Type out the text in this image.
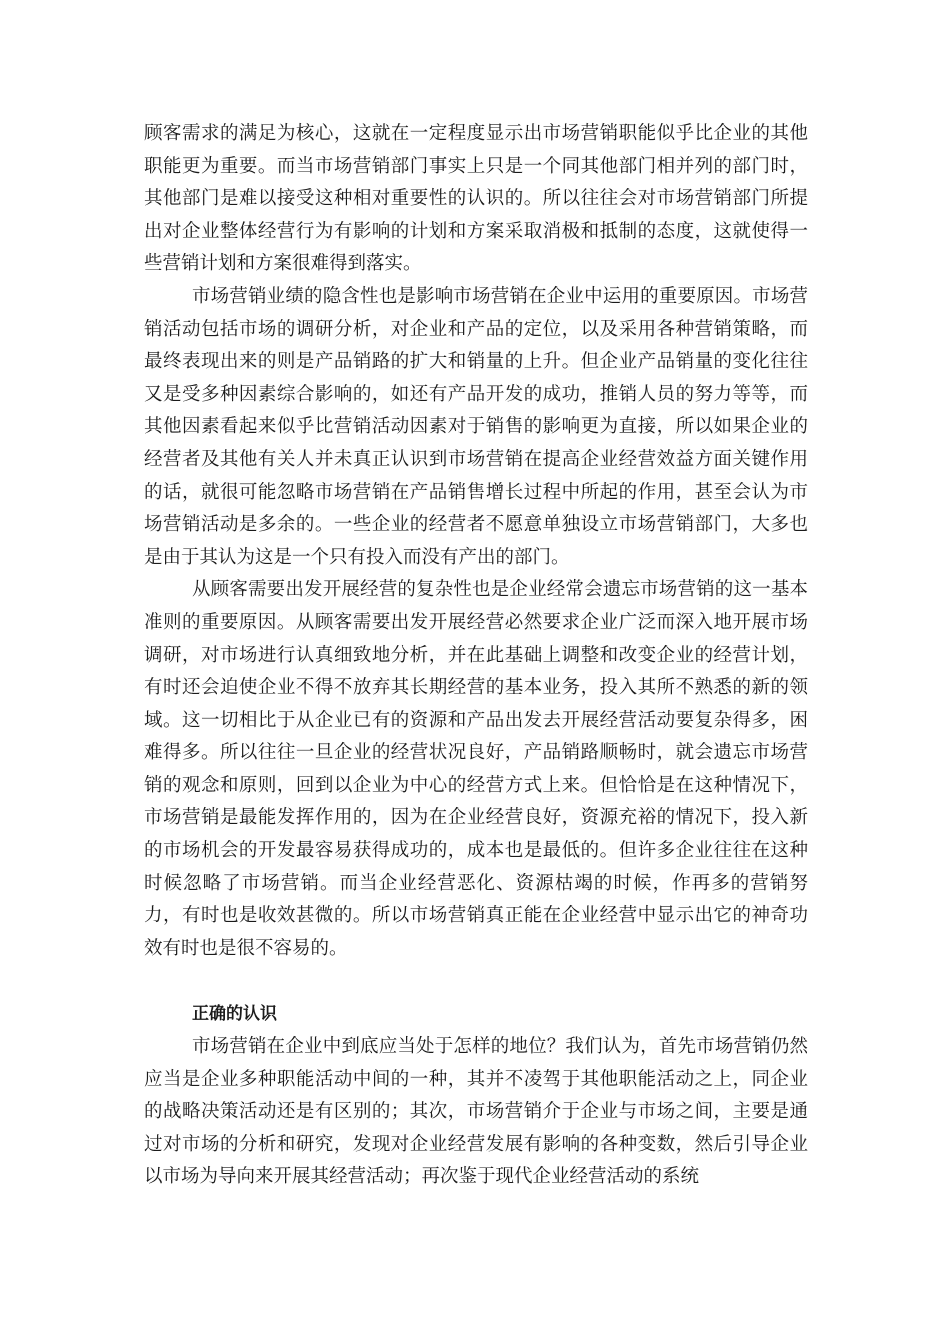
顾客需求的满足为核心，这就在一定程度显示出市场营销职能似乎比企业的其他职能更为重要。而当市场营销部门事实上只是一个同其他部门相并列的部门时，其他部门是难以接受这种相对重要性的认识的。所以往往会对市场营销部门所提出对企业整体经营行为有影响的计划和方案采取消极和抵制的态度，这就使得一些营销计划和方案很难得到落实。

市场营销业绩的隐含性也是影响市场营销在企业中运用的重要原因。市场营销活动包括市场的调研分析，对企业和产品的定位，以及采用各种营销策略，而最终表现出来的则是产品销路的扩大和销量的上升。但企业产品销量的变化往往又是受多种因素综合影响的，如还有产品开发的成功，推销人员的努力等等，而其他因素看起来似乎比营销活动因素对于销售的影响更为直接，所以如果企业的经营者及其他有关人并未真正认识到市场营销在提高企业经营效益方面关键作用的话，就很可能忽略市场营销在产品销售增长过程中所起的作用，甚至会认为市场营销活动是多余的。一些企业的经营者不愿意单独设立市场营销部门，大多也是由于其认为这是一个只有投入而没有产出的部门。

从顾客需要出发开展经营的复杂性也是企业经常会遗忘市场营销的这一基本准则的重要原因。从顾客需要出发开展经营必然要求企业广泛而深入地开展市场调研，对市场进行认真细致地分析，并在此基础上调整和改变企业的经营计划，有时还会迫使企业不得不放弃其长期经营的基本业务，投入其所不熟悉的新的领域。这一切相比于从企业已有的资源和产品出发去开展经营活动要复杂得多，困难得多。所以往往一旦企业的经营状况良好，产品销路顺畅时，就会遗忘市场营销的观念和原则，回到以企业为中心的经营方式上来。但恰恰是在这种情况下，市场营销是最能发挥作用的，因为在企业经营良好，资源充裕的情况下，投入新的市场机会的开发最容易获得成功的，成本也是最低的。但许多企业往往在这种时候忽略了市场营销。而当企业经营恶化、资源枯竭的时候，作再多的营销努力，有时也是收效甚微的。所以市场营销真正能在企业经营中显示出它的神奇功效有时也是很不容易的。

正确的认识

市场营销在企业中到底应当处于怎样的地位？我们认为，首先市场营销仍然应当是企业多种职能活动中间的一种，其并不凌驾于其他职能活动之上，同企业的战略决策活动还是有区别的；其次，市场营销介于企业与市场之间，主要是通过对市场的分析和研究，发现对企业经营发展有影响的各种变数，然后引导企业以市场为导向来开展其经营活动；再次鉴于现代企业经营活动的系统
